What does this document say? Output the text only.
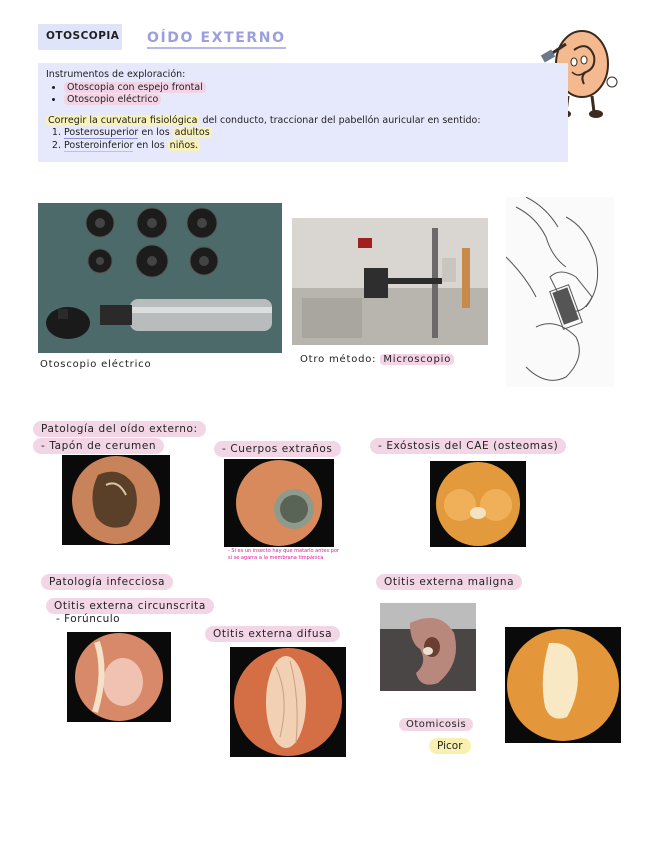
OTOSCOPIA OÍDO EXTERNO
Instrumentos de exploración:
• Otoscopia con espejo frontal
• Otoscopio eléctrico
Corregir la curvatura fisiológica del conducto, traccionar del pabellón auricular en sentido:
1. Posterosuperior en los adultos
2. Posteroinferior en los niños.
Otoscopio eléctrico	Otro método: Microscopio
Patología del oído externo:
- Tapón de cerumen	- Cuerpos extraños	- Exóstosis del CAE (osteomas)
- Si es un insecto hay que matarlo antes por si se agarra a la membrana timpánica
Patología infecciosa
Otitis externa circunscrita
- Forúnculo
Otitis externa difusa
Otitis externa maligna
Otomicosis
Picor
